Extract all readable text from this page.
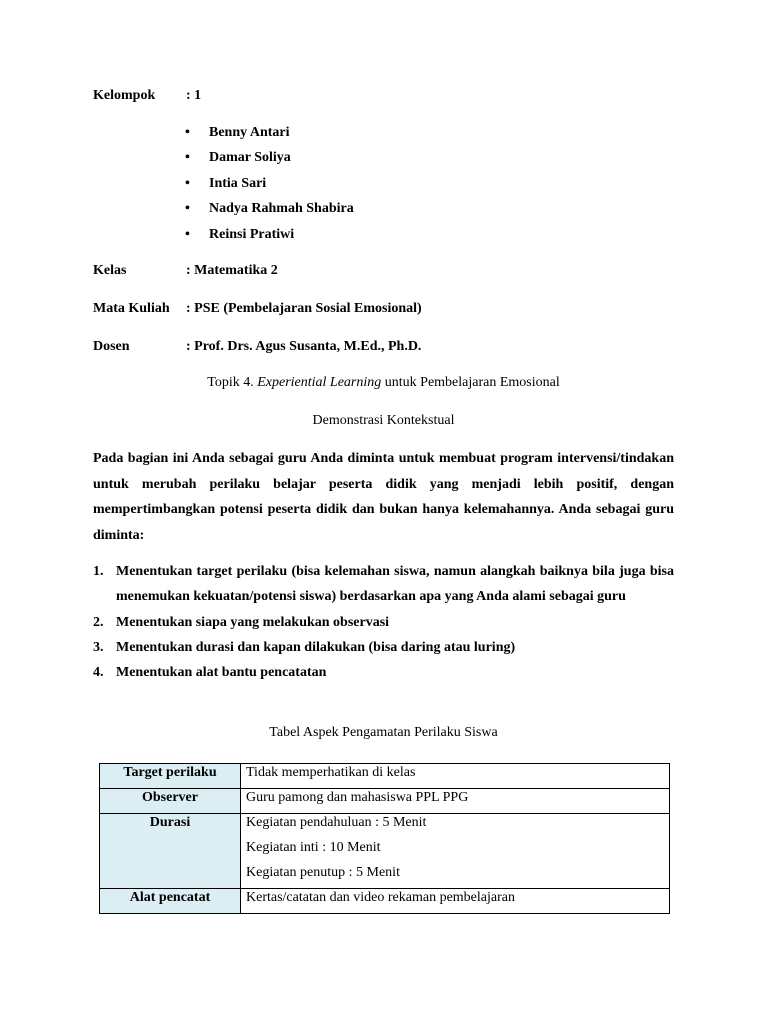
Kelompok : 1
• Benny Antari
• Damar Soliya
• Intia Sari
• Nadya Rahmah Shabira
• Reinsi Pratiwi
Kelas	: Matematika 2
Mata Kuliah : PSE (Pembelajaran Sosial Emosional)
Dosen	: Prof. Drs. Agus Susanta, M.Ed., Ph.D.
Topik 4. Experiential Learning untuk Pembelajaran Emosional
Demonstrasi Kontekstual
Pada bagian ini Anda sebagai guru Anda diminta untuk membuat program intervensi/tindakan untuk merubah perilaku belajar peserta didik yang menjadi lebih positif, dengan mempertimbangkan potensi peserta didik dan bukan hanya kelemahannya. Anda sebagai guru diminta:
1. Menentukan target perilaku (bisa kelemahan siswa, namun alangkah baiknya bila juga bisa menemukan kekuatan/potensi siswa) berdasarkan apa yang Anda alami sebagai guru
2. Menentukan siapa yang melakukan observasi
3. Menentukan durasi dan kapan dilakukan (bisa daring atau luring)
4. Menentukan alat bantu pencatatan
Tabel Aspek Pengamatan Perilaku Siswa
Target perilaku	Tidak memperhatikan di kelas
Observer	Guru pamong dan mahasiswa PPL PPG
Durasi	Kegiatan pendahuluan : 5 Menit
Kegiatan inti : 10 Menit
Kegiatan penutup : 5 Menit

Alat pencatat	Kertas/catatan dan video rekaman pembelajaran
